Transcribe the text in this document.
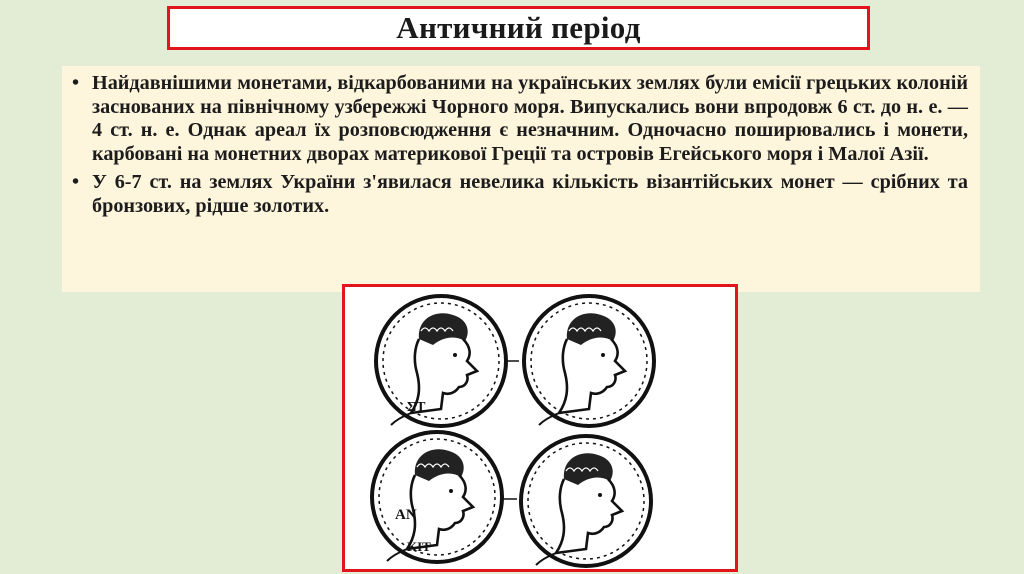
Античний період
• Найдавнішими монетами, відкарбованими на українських землях були емісії грецьких колоній заснованих на північному узбережжі Чорного моря. Випускались вони впродовж 6 ст. до н. е. — 4 ст. н. е. Однак ареал їх розповсюдження є незначним. Одночасно поширювались і монети, карбовані на монетних дворах материкової Греції та островів Егейського моря і Малої Азії.
• У 6-7 ст. на землях України з'явилася невелика кількість візантійських монет — срібних та бронзових, рідше золотих.
ΣΤ
ΑΝ
ΚΙΤ
